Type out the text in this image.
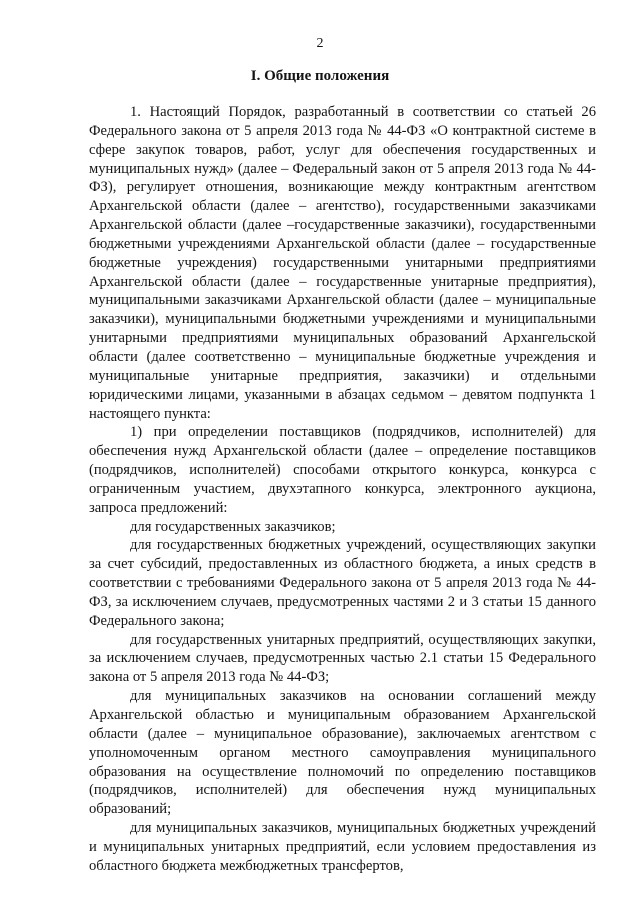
2
I. Общие положения

1. Настоящий Порядок, разработанный в соответствии со статьей 26 Федерального закона от 5 апреля 2013 года № 44-ФЗ «О контрактной системе в сфере закупок товаров, работ, услуг для обеспечения государственных и муниципальных нужд» (далее – Федеральный закон от 5 апреля 2013 года № 44-ФЗ), регулирует отношения, возникающие между контрактным агентством Архангельской области (далее – агентство), государственными заказчиками Архангельской области (далее –государственные заказчики), государственными бюджетными учреждениями Архангельской области (далее – государственные бюджетные учреждения) государственными унитарными предприятиями Архангельской области (далее – государственные унитарные предприятия), муниципальными заказчиками Архангельской области (далее – муниципальные заказчики), муниципальными бюджетными учреждениями и муниципальными унитарными предприятиями муниципальных образований Архангельской области (далее соответственно – муниципальные бюджетные учреждения и муниципальные унитарные предприятия, заказчики) и отдельными юридическими лицами, указанными в абзацах седьмом – девятом подпункта 1 настоящего пункта:

1) при определении поставщиков (подрядчиков, исполнителей) для обеспечения нужд Архангельской области (далее – определение поставщиков (подрядчиков, исполнителей) способами открытого конкурса, конкурса с ограниченным участием, двухэтапного конкурса, электронного аукциона, запроса предложений:

для государственных заказчиков;

для государственных бюджетных учреждений, осуществляющих закупки за счет субсидий, предоставленных из областного бюджета, а иных средств в соответствии с требованиями Федерального закона от 5 апреля 2013 года № 44-ФЗ, за исключением случаев, предусмотренных частями 2 и 3 статьи 15 данного Федерального закона;

для государственных унитарных предприятий, осуществляющих закупки, за исключением случаев, предусмотренных частью 2.1 статьи 15 Федерального закона от 5 апреля 2013 года № 44-ФЗ;

для муниципальных заказчиков на основании соглашений между Архангельской областью и муниципальным образованием Архангельской области (далее – муниципальное образование), заключаемых агентством с уполномоченным органом местного самоуправления муниципального образования на осуществление полномочий по определению поставщиков (подрядчиков, исполнителей) для обеспечения нужд муниципальных образований;

для муниципальных заказчиков, муниципальных бюджетных учреждений и муниципальных унитарных предприятий, если условием предоставления из областного бюджета межбюджетных трансфертов,
